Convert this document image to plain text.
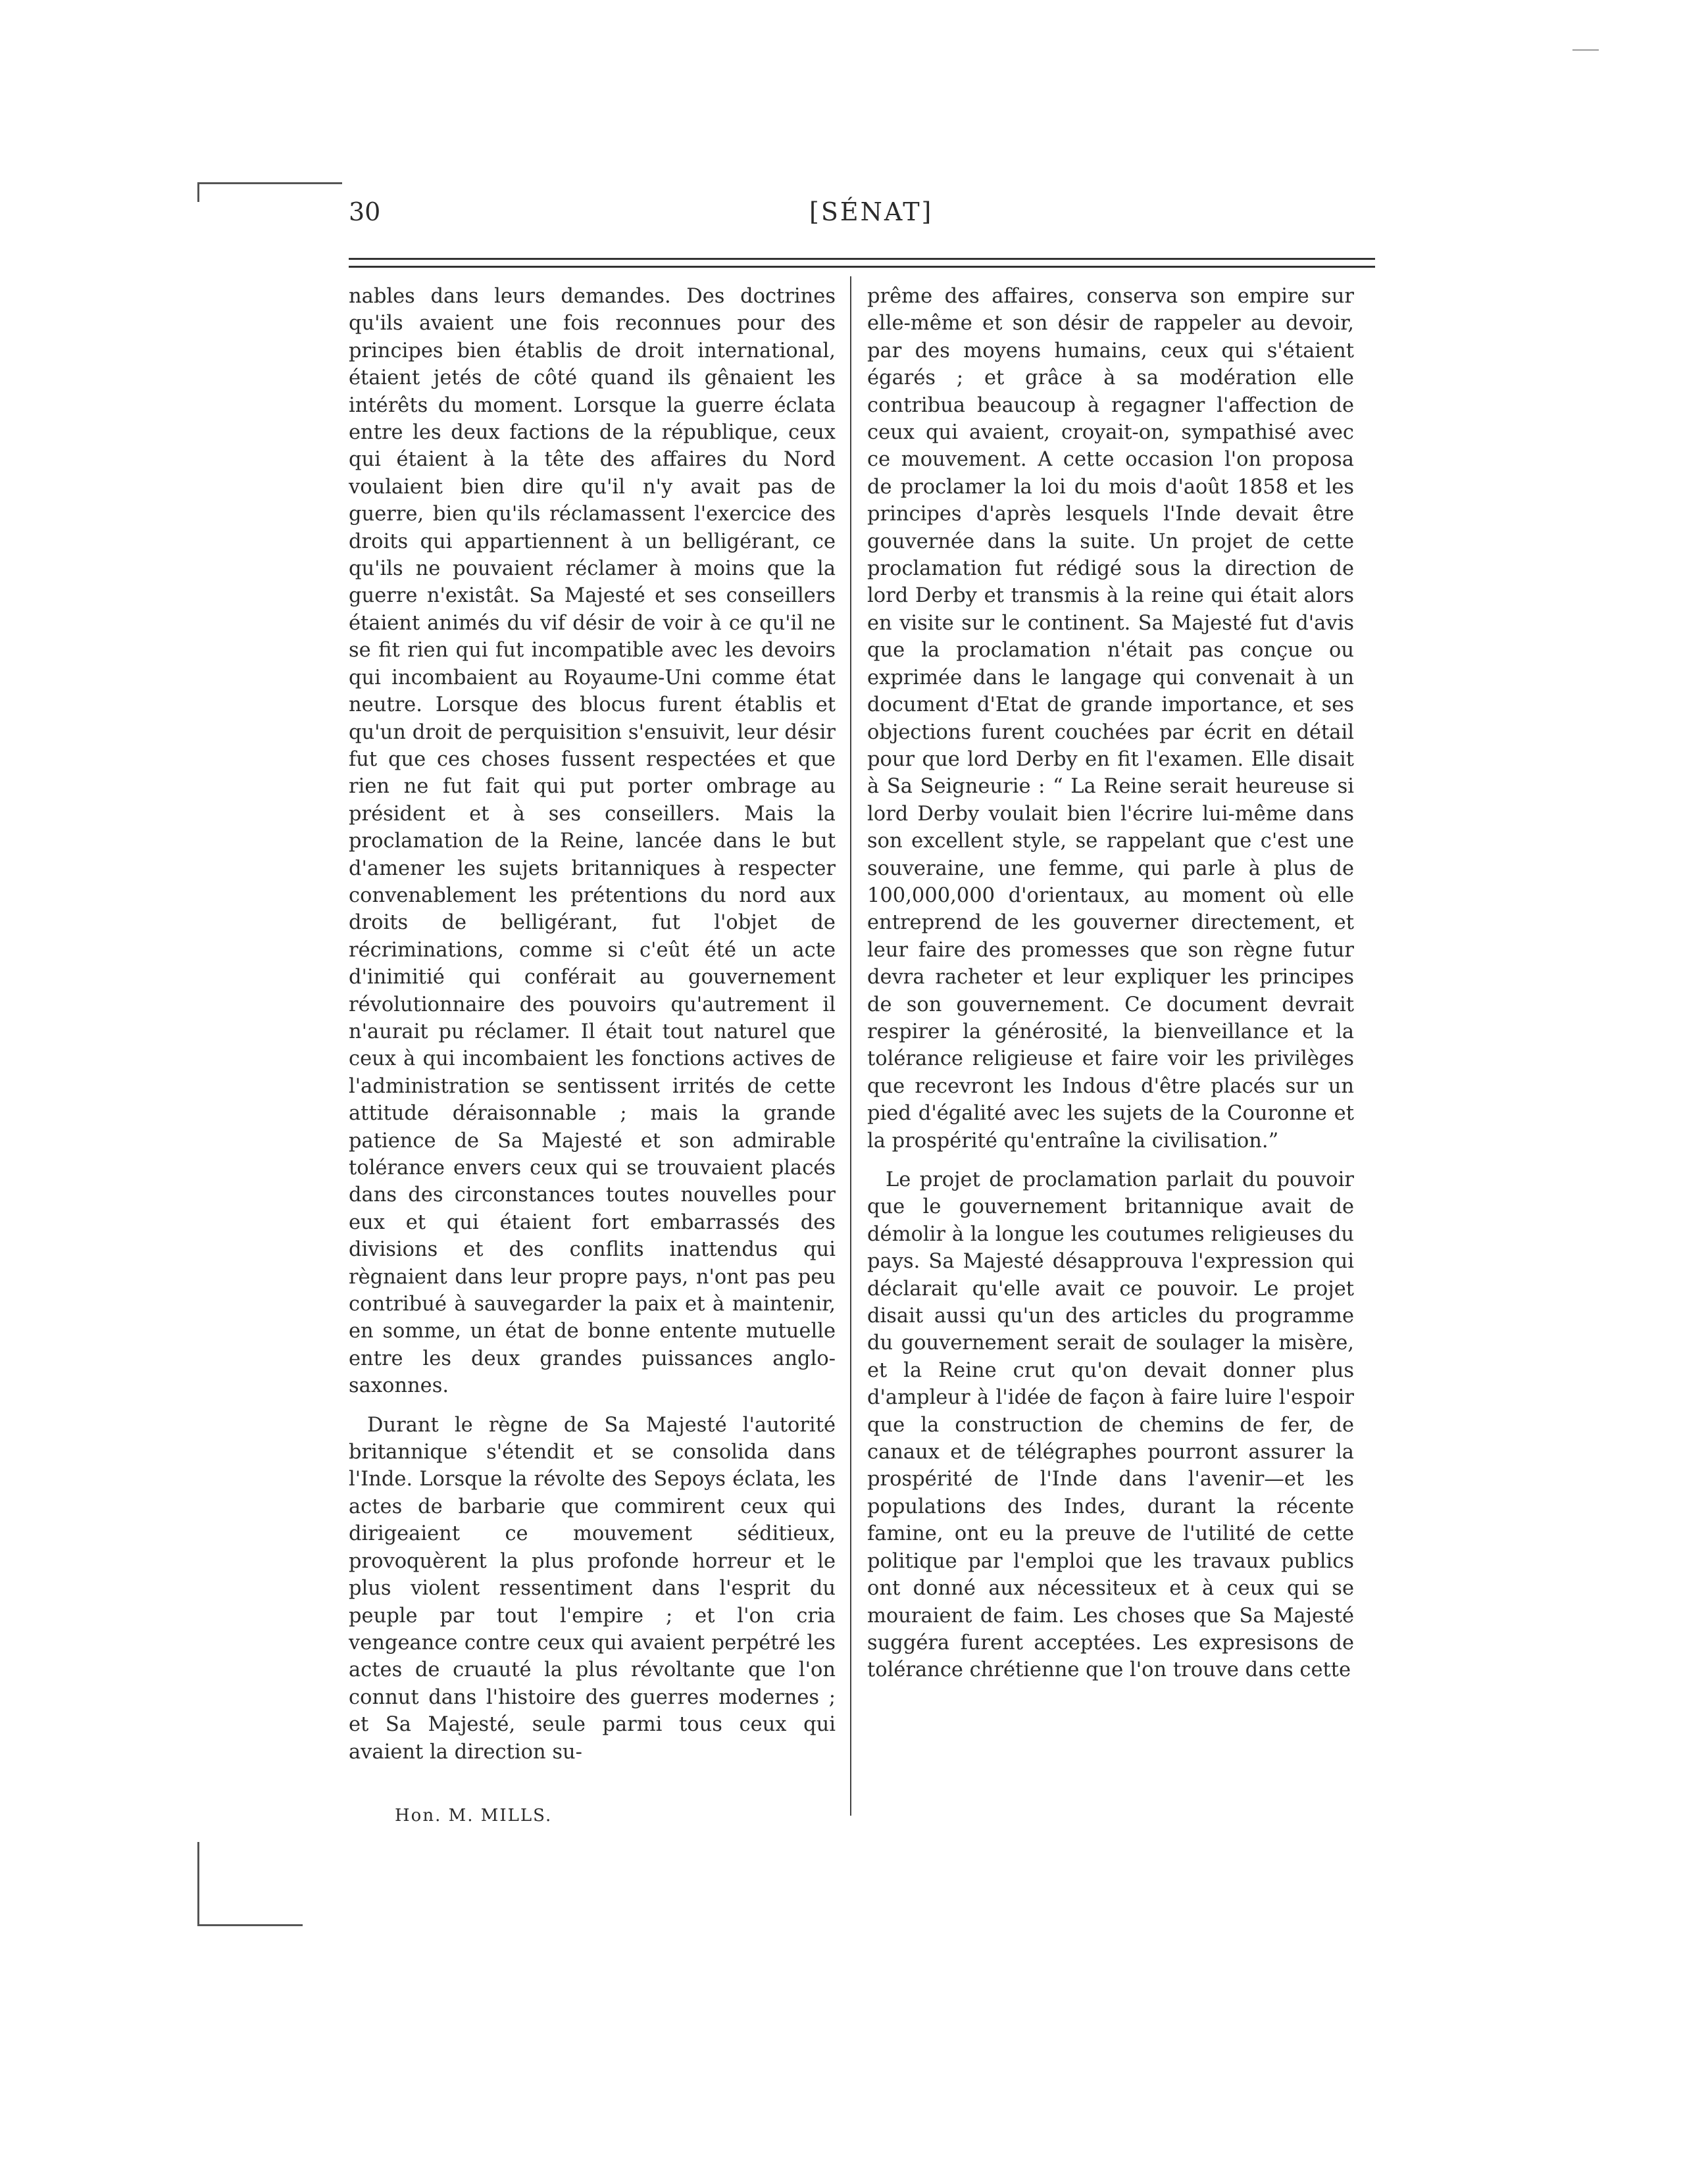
30	[SÉNAT]

nables dans leurs demandes. Des doctrines qu'ils avaient une fois reconnues pour des principes bien établis de droit international, étaient jetés de côté quand ils gênaient les intérêts du moment. Lorsque la guerre éclata entre les deux factions de la république, ceux qui étaient à la tête des affaires du Nord voulaient bien dire qu'il n'y avait pas de guerre, bien qu'ils réclamassent l'exercice des droits qui appartiennent à un belligérant, ce qu'ils ne pouvaient réclamer à moins que la guerre n'existât. Sa Majesté et ses conseillers étaient animés du vif désir de voir à ce qu'il ne se fit rien qui fut incompatible avec les devoirs qui incombaient au Royaume-Uni comme état neutre. Lorsque des blocus furent établis et qu'un droit de perquisition s'ensuivit, leur désir fut que ces choses fussent respectées et que rien ne fut fait qui put porter ombrage au président et à ses conseillers. Mais la proclamation de la Reine, lancée dans le but d'amener les sujets britanniques à respecter convenablement les prétentions du nord aux droits de belligérant, fut l'objet de récriminations, comme si c'eût été un acte d'inimitié qui conférait au gouvernement révolutionnaire des pouvoirs qu'autrement il n'aurait pu réclamer. Il était tout naturel que ceux à qui incombaient les fonctions actives de l'administration se sentissent irrités de cette attitude déraisonnable ; mais la grande patience de Sa Majesté et son admirable tolérance envers ceux qui se trouvaient placés dans des circonstances toutes nouvelles pour eux et qui étaient fort embarrassés des divisions et des conflits inattendus qui règnaient dans leur propre pays, n'ont pas peu contribué à sauvegarder la paix et à maintenir, en somme, un état de bonne entente mutuelle entre les deux grandes puissances anglo-saxonnes.

Durant le règne de Sa Majesté l'autorité britannique s'étendit et se consolida dans l'Inde. Lorsque la révolte des Sepoys éclata, les actes de barbarie que commirent ceux qui dirigeaient ce mouvement séditieux, provoquèrent la plus profonde horreur et le plus violent ressentiment dans l'esprit du peuple par tout l'empire ; et l'on cria vengeance contre ceux qui avaient perpétré les actes de cruauté la plus révoltante que l'on connut dans l'histoire des guerres modernes ; et Sa Majesté, seule parmi tous ceux qui avaient la direction su-

prême des affaires, conserva son empire sur elle-même et son désir de rappeler au devoir, par des moyens humains, ceux qui s'étaient égarés ; et grâce à sa modération elle contribua beaucoup à regagner l'affection de ceux qui avaient, croyait-on, sympathisé avec ce mouvement. A cette occasion l'on proposa de proclamer la loi du mois d'août 1858 et les principes d'après lesquels l'Inde devait être gouvernée dans la suite. Un projet de cette proclamation fut rédigé sous la direction de lord Derby et transmis à la reine qui était alors en visite sur le continent. Sa Majesté fut d'avis que la proclamation n'était pas conçue ou exprimée dans le langage qui convenait à un document d'Etat de grande importance, et ses objections furent couchées par écrit en détail pour que lord Derby en fit l'examen. Elle disait à Sa Seigneurie : “ La Reine serait heureuse si lord Derby voulait bien l'écrire lui-même dans son excellent style, se rappelant que c'est une souveraine, une femme, qui parle à plus de 100,000,000 d'orientaux, au moment où elle entreprend de les gouverner directement, et leur faire des promesses que son règne futur devra racheter et leur expliquer les principes de son gouvernement. Ce document devrait respirer la générosité, la bienveillance et la tolérance religieuse et faire voir les privilèges que recevront les Indous d'être placés sur un pied d'égalité avec les sujets de la Couronne et la prospérité qu'entraîne la civilisation.”

Le projet de proclamation parlait du pouvoir que le gouvernement britannique avait de démolir à la longue les coutumes religieuses du pays. Sa Majesté désapprouva l'expression qui déclarait qu'elle avait ce pouvoir. Le projet disait aussi qu'un des articles du programme du gouvernement serait de soulager la misère, et la Reine crut qu'on devait donner plus d'ampleur à l'idée de façon à faire luire l'espoir que la construction de chemins de fer, de canaux et de télégraphes pourront assurer la prospérité de l'Inde dans l'avenir—et les populations des Indes, durant la récente famine, ont eu la preuve de l'utilité de cette politique par l'emploi que les travaux publics ont donné aux nécessiteux et à ceux qui se mouraient de faim. Les choses que Sa Majesté suggéra furent acceptées. Les expresisons de tolérance chrétienne que l'on trouve dans cette

Hon. M. MILLS.
